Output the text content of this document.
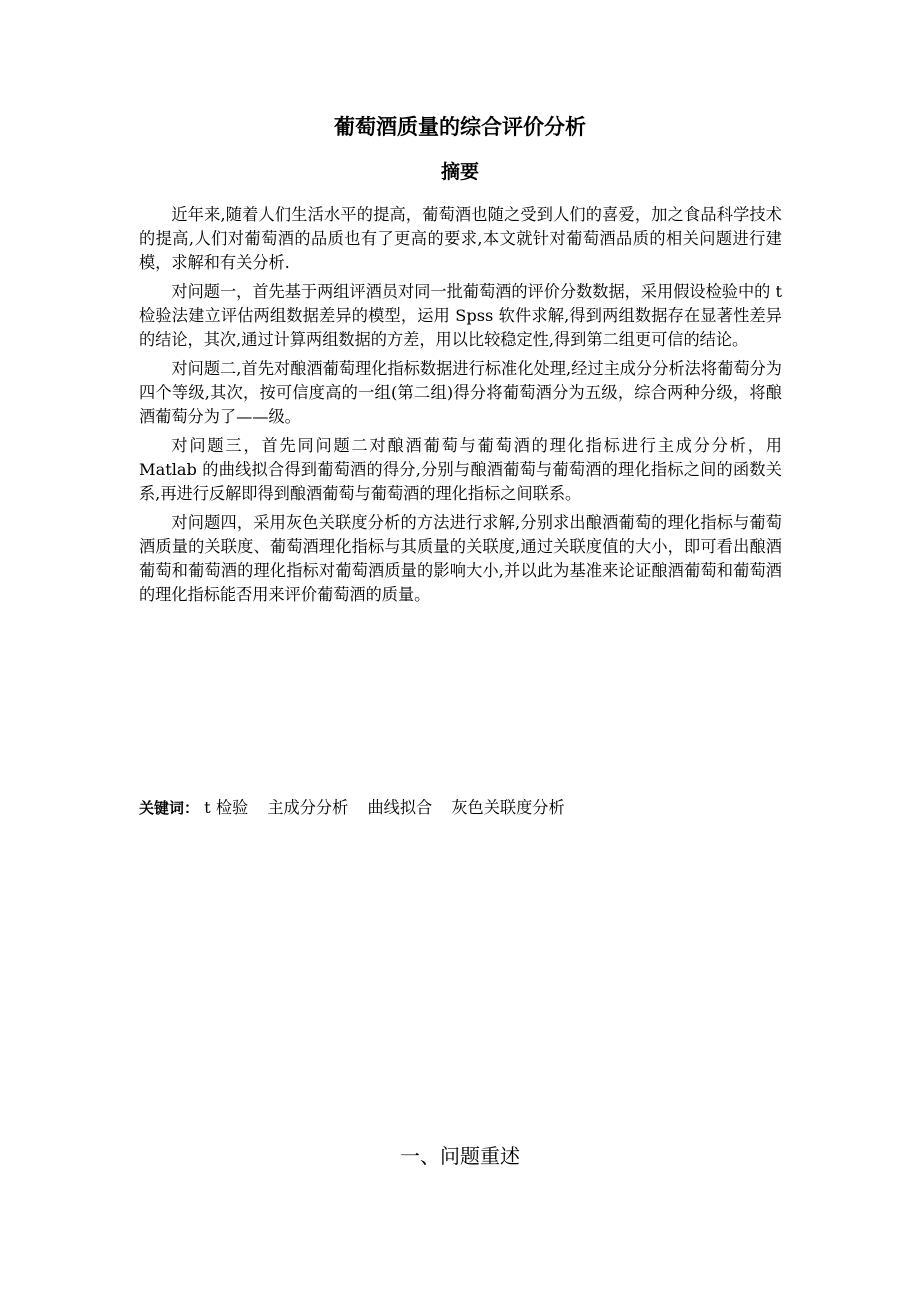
葡萄酒质量的综合评价分析
摘要

近年来,随着人们生活水平的提高，葡萄酒也随之受到人们的喜爱，加之食品科学技术的提高,人们对葡萄酒的品质也有了更高的要求,本文就针对葡萄酒品质的相关问题进行建模，求解和有关分析.

对问题一，首先基于两组评酒员对同一批葡萄酒的评价分数数据，采用假设检验中的 t 检验法建立评估两组数据差异的模型，运用 Spss 软件求解,得到两组数据存在显著性差异的结论，其次,通过计算两组数据的方差，用以比较稳定性,得到第二组更可信的结论。

对问题二,首先对酿酒葡萄理化指标数据进行标准化处理,经过主成分分析法将葡萄分为四个等级,其次，按可信度高的一组(第二组)得分将葡萄酒分为五级，综合两种分级，将酿酒葡萄分为了——级。

对问题三，首先同问题二对酿酒葡萄与葡萄酒的理化指标进行主成分分析，用 Matlab 的曲线拟合得到葡萄酒的得分,分别与酿酒葡萄与葡萄酒的理化指标之间的函数关系,再进行反解即得到酿酒葡萄与葡萄酒的理化指标之间联系。

对问题四，采用灰色关联度分析的方法进行求解,分别求出酿酒葡萄的理化指标与葡萄酒质量的关联度、葡萄酒理化指标与其质量的关联度,通过关联度值的大小，即可看出酿酒葡萄和葡萄酒的理化指标对葡萄酒质量的影响大小,并以此为基准来论证酿酒葡萄和葡萄酒的理化指标能否用来评价葡萄酒的质量。

关键词： t 检验 主成分分析 曲线拟合 灰色关联度分析
一、问题重述
